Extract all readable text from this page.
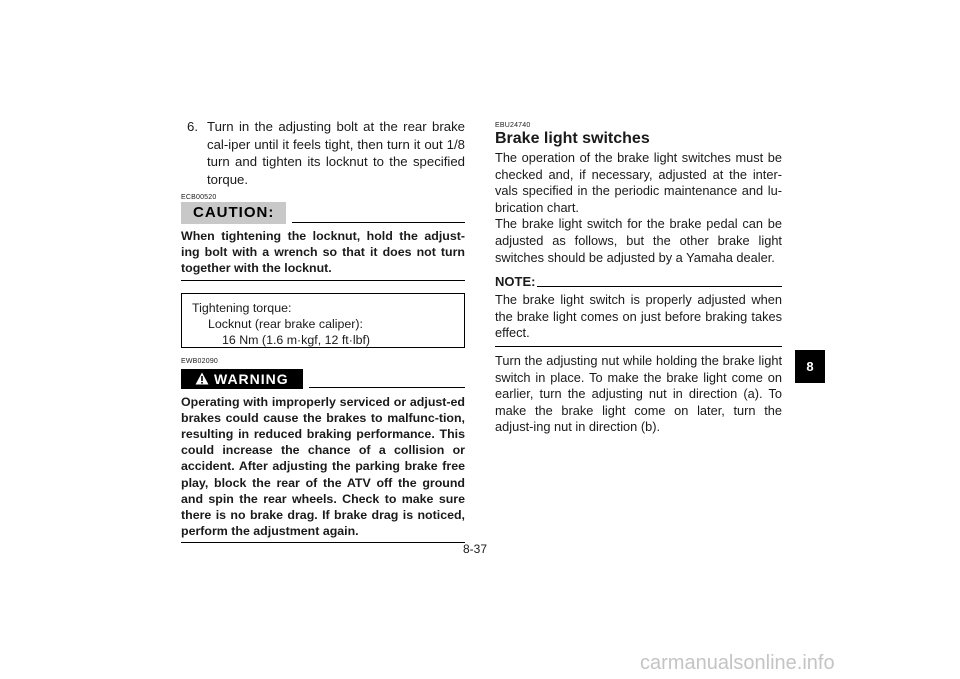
6. Turn in the adjusting bolt at the rear brake cal-iper until it feels tight, then turn it out 1/8 turn and tighten its locknut to the specified torque.
ECB00520
CAUTION:
When tightening the locknut, hold the adjust-ing bolt with a wrench so that it does not turn together with the locknut.
Tightening torque:
Locknut (rear brake caliper):
16 Nm (1.6 m·kgf, 12 ft·lbf)
EWB02090
WARNING
Operating with improperly serviced or adjust-ed brakes could cause the brakes to malfunc-tion, resulting in reduced braking performance. This could increase the chance of a collision or accident. After adjusting the parking brake free play, block the rear of the ATV off the ground and spin the rear wheels. Check to make sure there is no brake drag. If brake drag is noticed, perform the adjustment again.
EBU24740
Brake light switches
The operation of the brake light switches must be checked and, if necessary, adjusted at the inter-vals specified in the periodic maintenance and lu-brication chart.
The brake light switch for the brake pedal can be adjusted as follows, but the other brake light switches should be adjusted by a Yamaha dealer.
NOTE:
The brake light switch is properly adjusted when the brake light comes on just before braking takes effect.
Turn the adjusting nut while holding the brake light switch in place. To make the brake light come on earlier, turn the adjusting nut in direction (a). To make the brake light come on later, turn the adjust-ing nut in direction (b).
8
8-37
carmanualsonline.info
